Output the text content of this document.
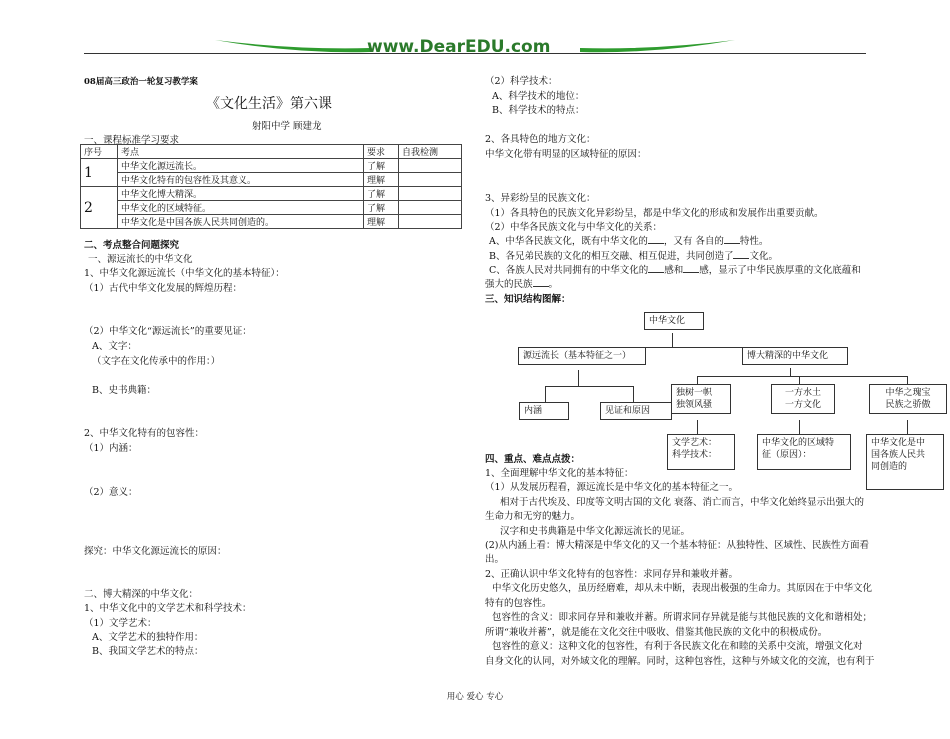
www.DearEDU.com
08届高三政治一轮复习教学案
《文化生活》第六课
射阳中学 顾建龙
一、课程标准学习要求
序号	考点	要求	自我检测
1	中华文化源远流长。	了解	
	中华文化特有的包容性及其意义。	理解	
2	中华文化博大精深。	了解	
	中华文化的区域特征。	了解	
	中华文化是中国各族人民共同创造的。	理解	
二、考点整合问题探究
一、源远流长的中华文化
1、中华文化源远流长（中华文化的基本特征）：
（1）古代中华文化发展的辉煌历程：
（2）中华文化“源远流长”的重要见证：
A、文字：
（文字在文化传承中的作用：）
B、史书典籍：
2、中华文化特有的包容性：
（1）内涵：
（2）意义：
探究：中华文化源远流长的原因：
二、博大精深的中华文化：
1、中华文化中的文学艺术和科学技术：
（1）文学艺术：
A、文学艺术的独特作用：
B、我国文学艺术的特点：
（2）科学技术：
A、科学技术的地位：
B、科学技术的特点：
2、各具特色的地方文化：
中华文化带有明显的区域特征的原因：
3、异彩纷呈的民族文化：
（1）各具特色的民族文化异彩纷呈，都是中华文化的形成和发展作出重要贡献。
（2）中华各民族文化与中华文化的关系：
A、中华各民族文化，既有中华文化的 ，又有 各自的 特性。
B、各兄弟民族的文化的相互交融、相互促进，共同创造了 文化。
C、各族人民对共同拥有的中华文化的 感和 感，显示了中华民族厚重的文化底蕴和
强大的民族 。
三、知识结构图解：
中华文化
源远流长（基本特征之一）	博大精深的中华文化
内涵	见证和原因
独树一帜
独领风骚
一方水土
一方文化
中华之瑰宝
民族之骄傲
文学艺术：
科学技术：
中华文化的区域特
征（原因）：
中华文化是中
国各族人民共
同创造的
四、重点、难点点拨：
1、全面理解中华文化的基本特征：
（1）从发展历程看，源远流长是中华文化的基本特征之一。
相对于古代埃及、印度等文明古国的文化 衰落、消亡而言，中华文化始终显示出强大的
生命力和无穷的魅力。
汉字和史书典籍是中华文化源远流长的见证。
(2)从内涵上看：博大精深是中华文化的又一个基本特征：从独特性、区域性、民族性方面看
出。
2、正确认识中华文化特有的包容性：求同存异和兼收并蓄。
中华文化历史悠久，虽历经磨难，却从未中断，表现出极强的生命力。其原因在于中华文化
特有的包容性。
包容性的含义：即求同存异和兼收并蓄。所谓求同存异就是能与其他民族的文化和谐相处；
所谓“兼收并蓄”，就是能在文化交往中吸收、借鉴其他民族的文化中的积极成份。
包容性的意义：这种文化的包容性，有利于各民族文化在和睦的关系中交流，增强文化对
自身文化的认同，对外域文化的理解。同时，这种包容性，这种与外域文化的交流，也有利于
用心 爱心 专心
